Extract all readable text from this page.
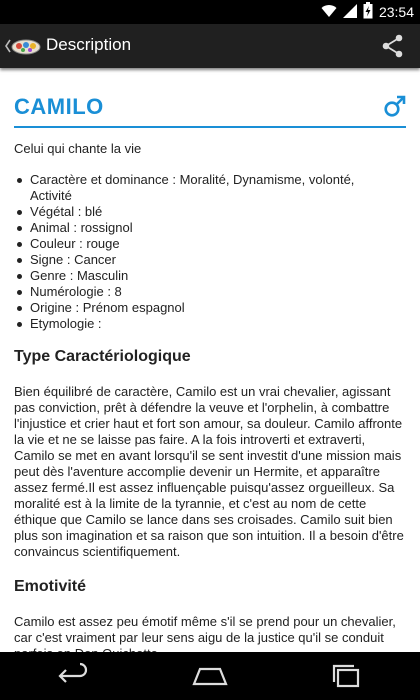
23:54
Description
CAMILO
Celui qui chante la vie
Caractère et dominance : Moralité, Dynamisme, volonté, Activité
Végétal : blé
Animal : rossignol
Couleur : rouge
Signe : Cancer
Genre : Masculin
Numérologie : 8
Origine : Prénom espagnol
Etymologie :
Type Caractériologique
Bien équilibré de caractère, Camilo est un vrai chevalier, agissant pas conviction, prêt à défendre la veuve et l'orphelin, à combattre l'injustice et crier haut et fort son amour, sa douleur. Camilo affronte la vie et ne se laisse pas faire. A la fois introverti et extraverti, Camilo se met en avant lorsqu'il se sent investit d'une mission mais peut dès l'aventure accomplie devenir un Hermite, et apparaître assez fermé.Il est assez influençable puisqu'assez orgueilleux. Sa moralité est à la limite de la tyrannie, et c'est au nom de cette éthique que Camilo se lance dans ses croisades. Camilo suit bien plus son imagination et sa raison que son intuition. Il a besoin d'être convaincus scientifiquement.
Emotivité
Camilo est assez peu émotif même s'il se prend pour un chevalier, car c'est vraiment par leur sens aigu de la justice qu'il se conduit
